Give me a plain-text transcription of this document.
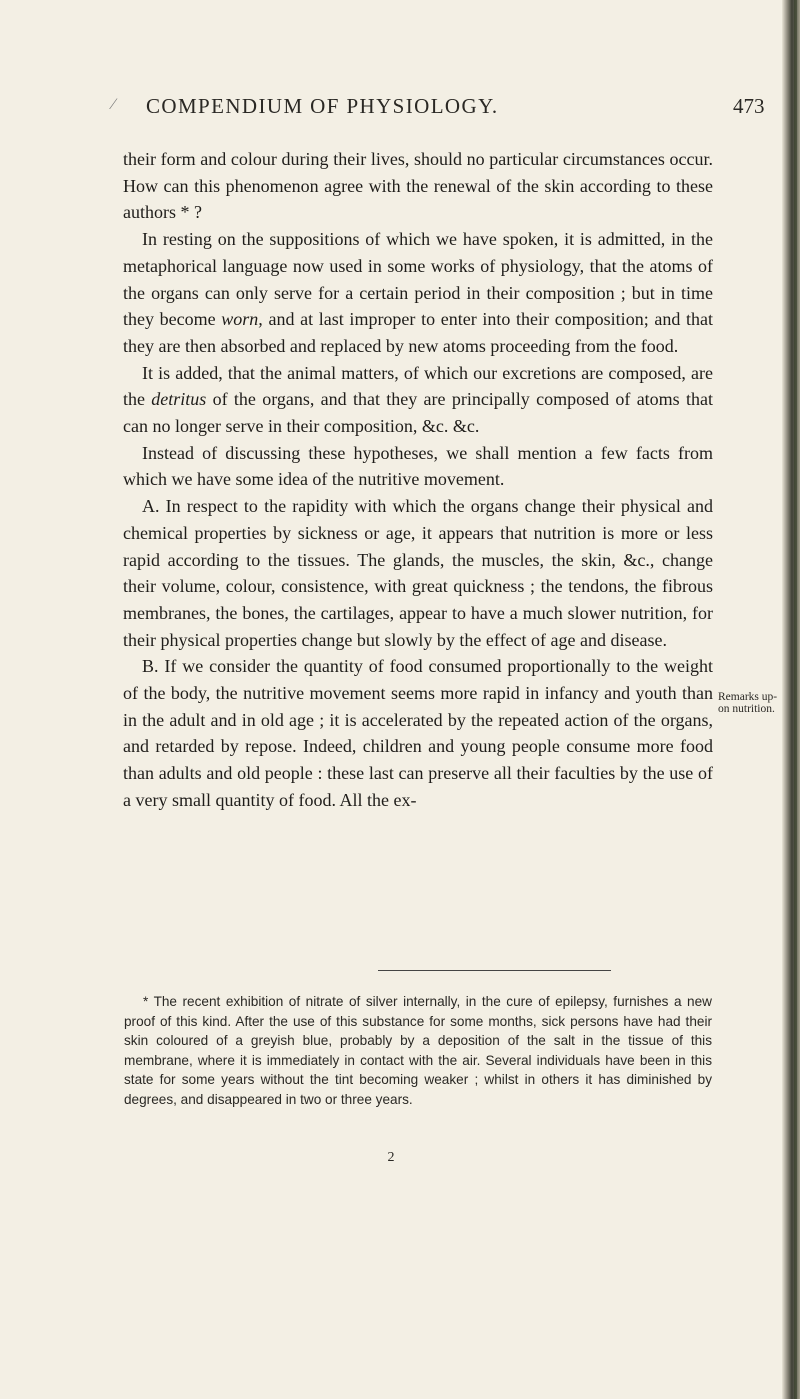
⁄ COMPENDIUM OF PHYSIOLOGY.	473

their form and colour during their lives, should no particular circumstances occur. How can this phenomenon agree with the renewal of the skin according to these authors * ?

In resting on the suppositions of which we have spoken, it is admitted, in the metaphorical language now used in some works of physiology, that the atoms of the organs can only serve for a certain period in their composition ; but in time they become worn, and at last improper to enter into their composition; and that they are then absorbed and replaced by new atoms proceeding from the food.

It is added, that the animal matters, of which our excretions are composed, are the detritus of the organs, and that they are principally composed of atoms that can no longer serve in their composition, &c. &c.

Instead of discussing these hypotheses, we shall mention a few facts from which we have some idea of the nutritive movement.

A. In respect to the rapidity with which the organs change their physical and chemical properties by sickness or age, it appears that nutrition is more or less rapid according to the tissues. The glands, the muscles, the skin, &c., change their volume, colour, consistence, with great quickness ; the tendons, the fibrous membranes, the bones, the cartilages, appear to have a much slower nutrition, for their physical properties change but slowly by the effect of age and disease.

B. If we consider the quantity of food consumed proportionally to the weight of the body, the nutritive movement seems more rapid in infancy and youth than in the adult and in old age ; it is accelerated by the repeated action of the organs, and retarded by repose. Indeed, children and young people consume more food than adults and old people : these last can preserve all their faculties by the use of a very small quantity of food. All the ex-

Remarks up-
on nutrition.

* The recent exhibition of nitrate of silver internally, in the cure of epilepsy, furnishes a new proof of this kind. After the use of this substance for some months, sick persons have had their skin coloured of a greyish blue, probably by a deposition of the salt in the tissue of this membrane, where it is immediately in contact with the air. Several individuals have been in this state for some years without the tint becoming weaker ; whilst in others it has diminished by degrees, and disappeared in two or three years.

2
